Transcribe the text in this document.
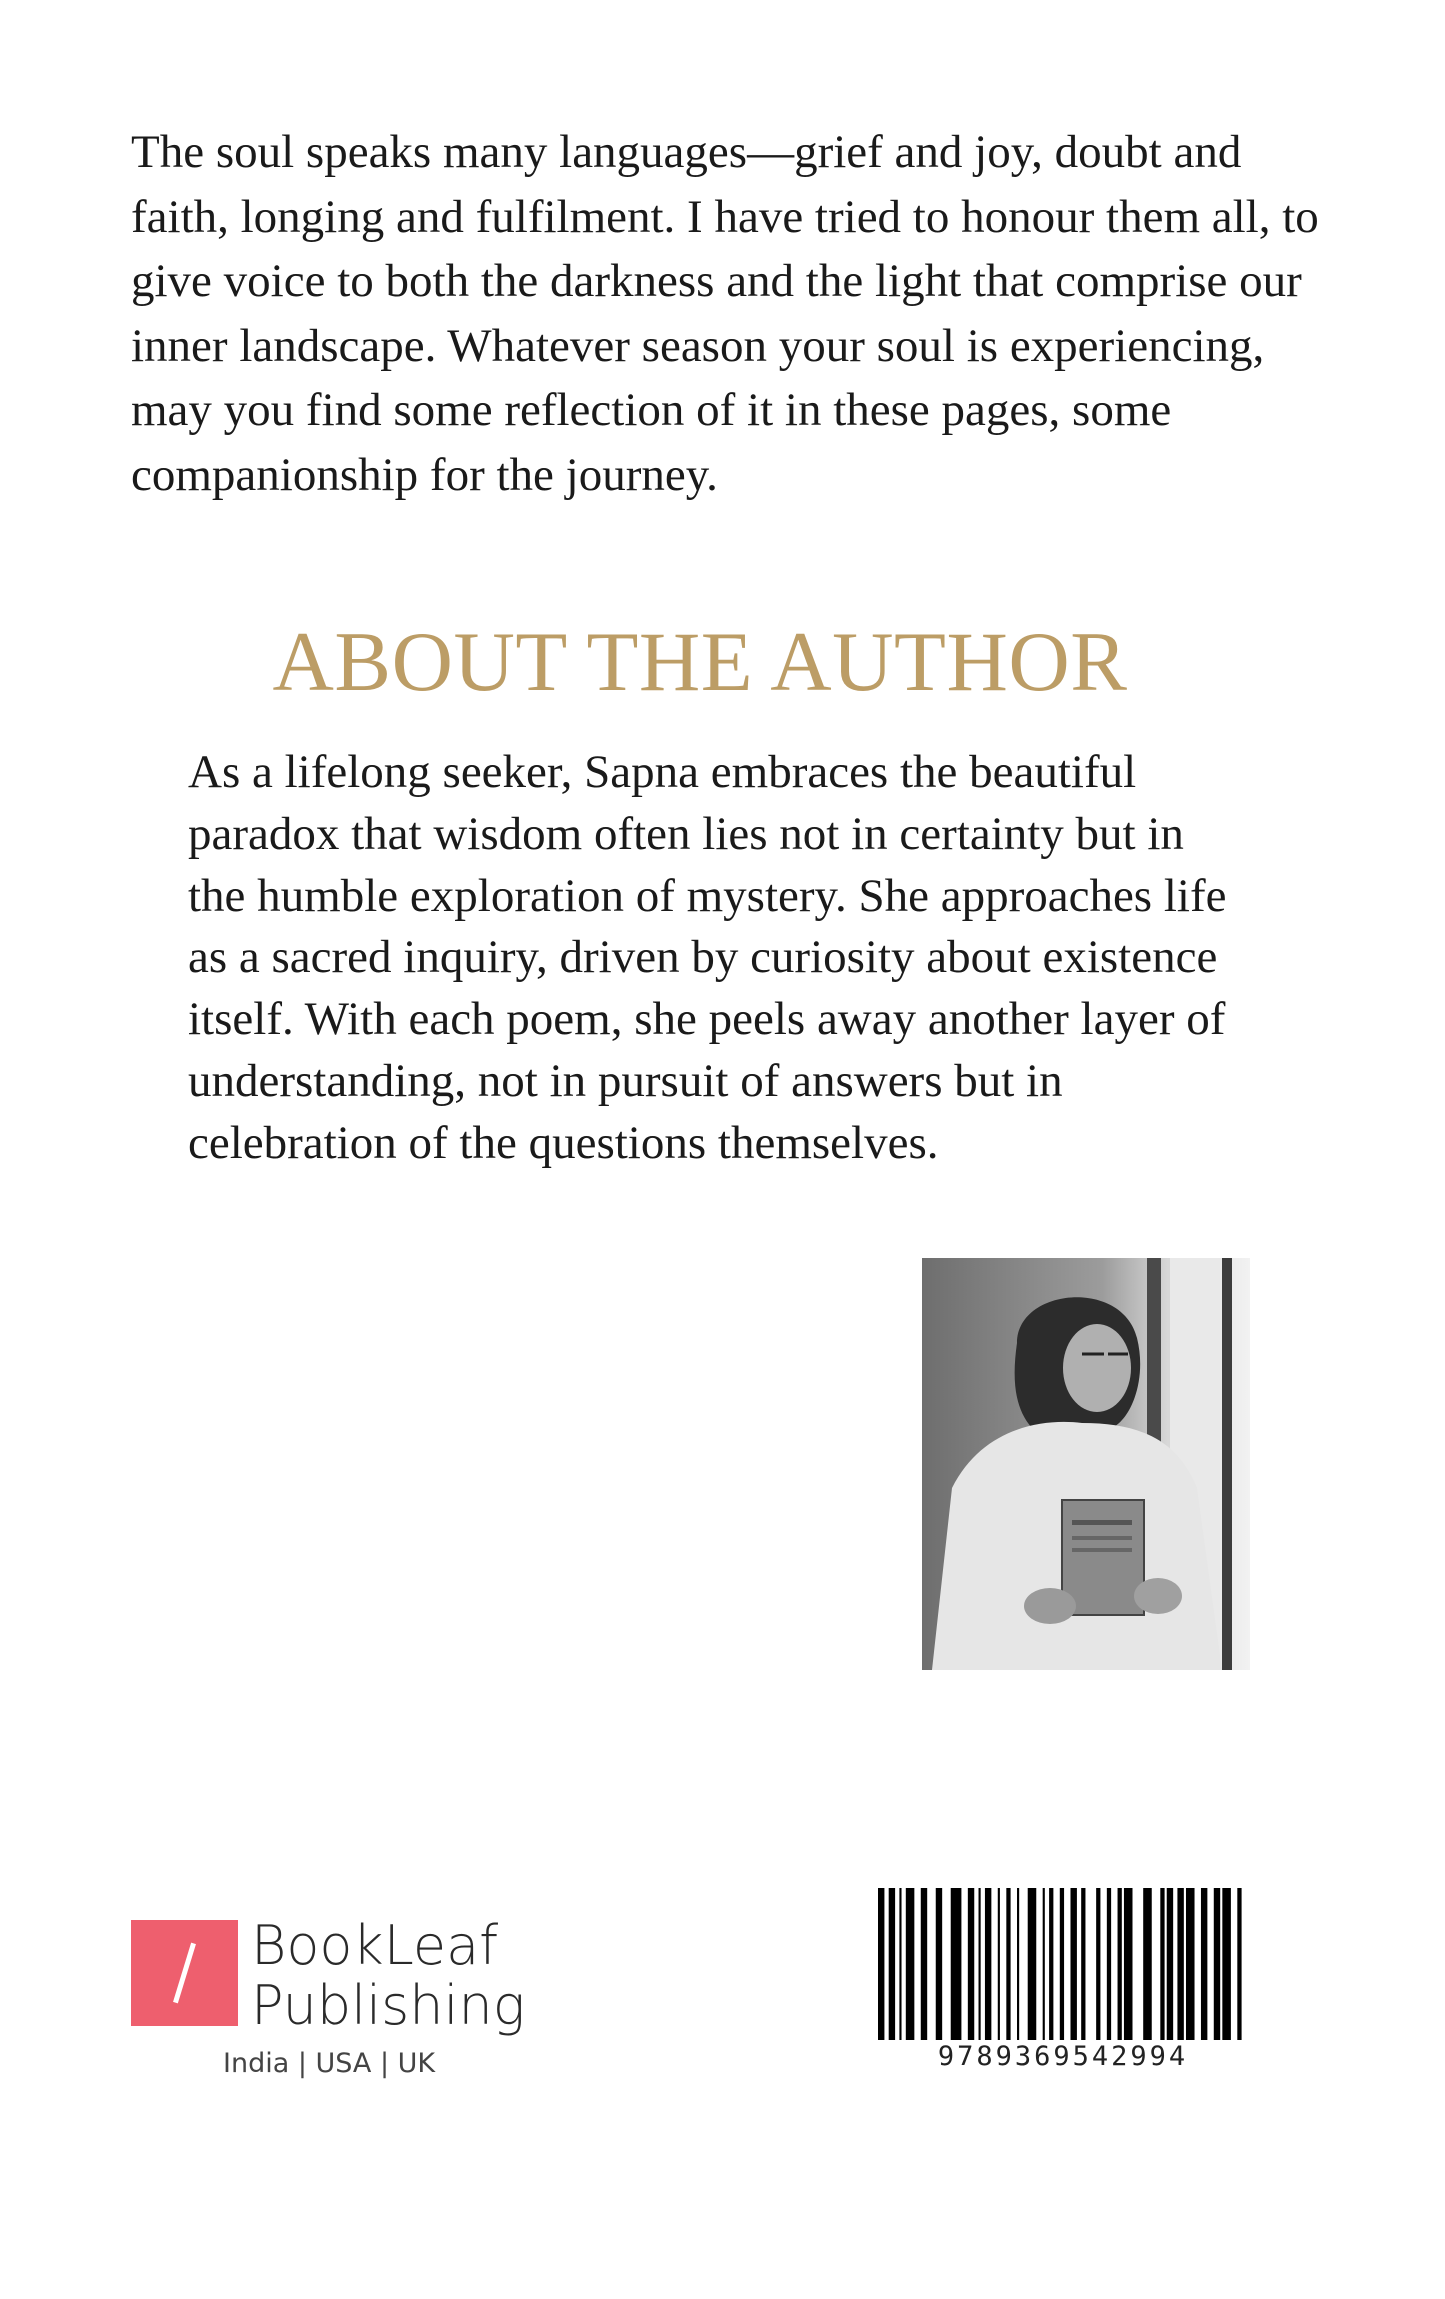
The soul speaks many languages—grief and joy, doubt and faith, longing and fulfilment. I have tried to honour them all, to give voice to both the darkness and the light that comprise our inner landscape. Whatever season your soul is experiencing, may you find some reflection of it in these pages, some companionship for the journey.

ABOUT THE AUTHOR

As a lifelong seeker, Sapna embraces the beautiful paradox that wisdom often lies not in certainty but in the humble exploration of mystery. She approaches life as a sacred inquiry, driven by curiosity about existence itself. With each poem, she peels away another layer of understanding, not in pursuit of answers but in celebration of the questions themselves.

BookLeaf
Publishing
India | USA | UK	9789369542994
